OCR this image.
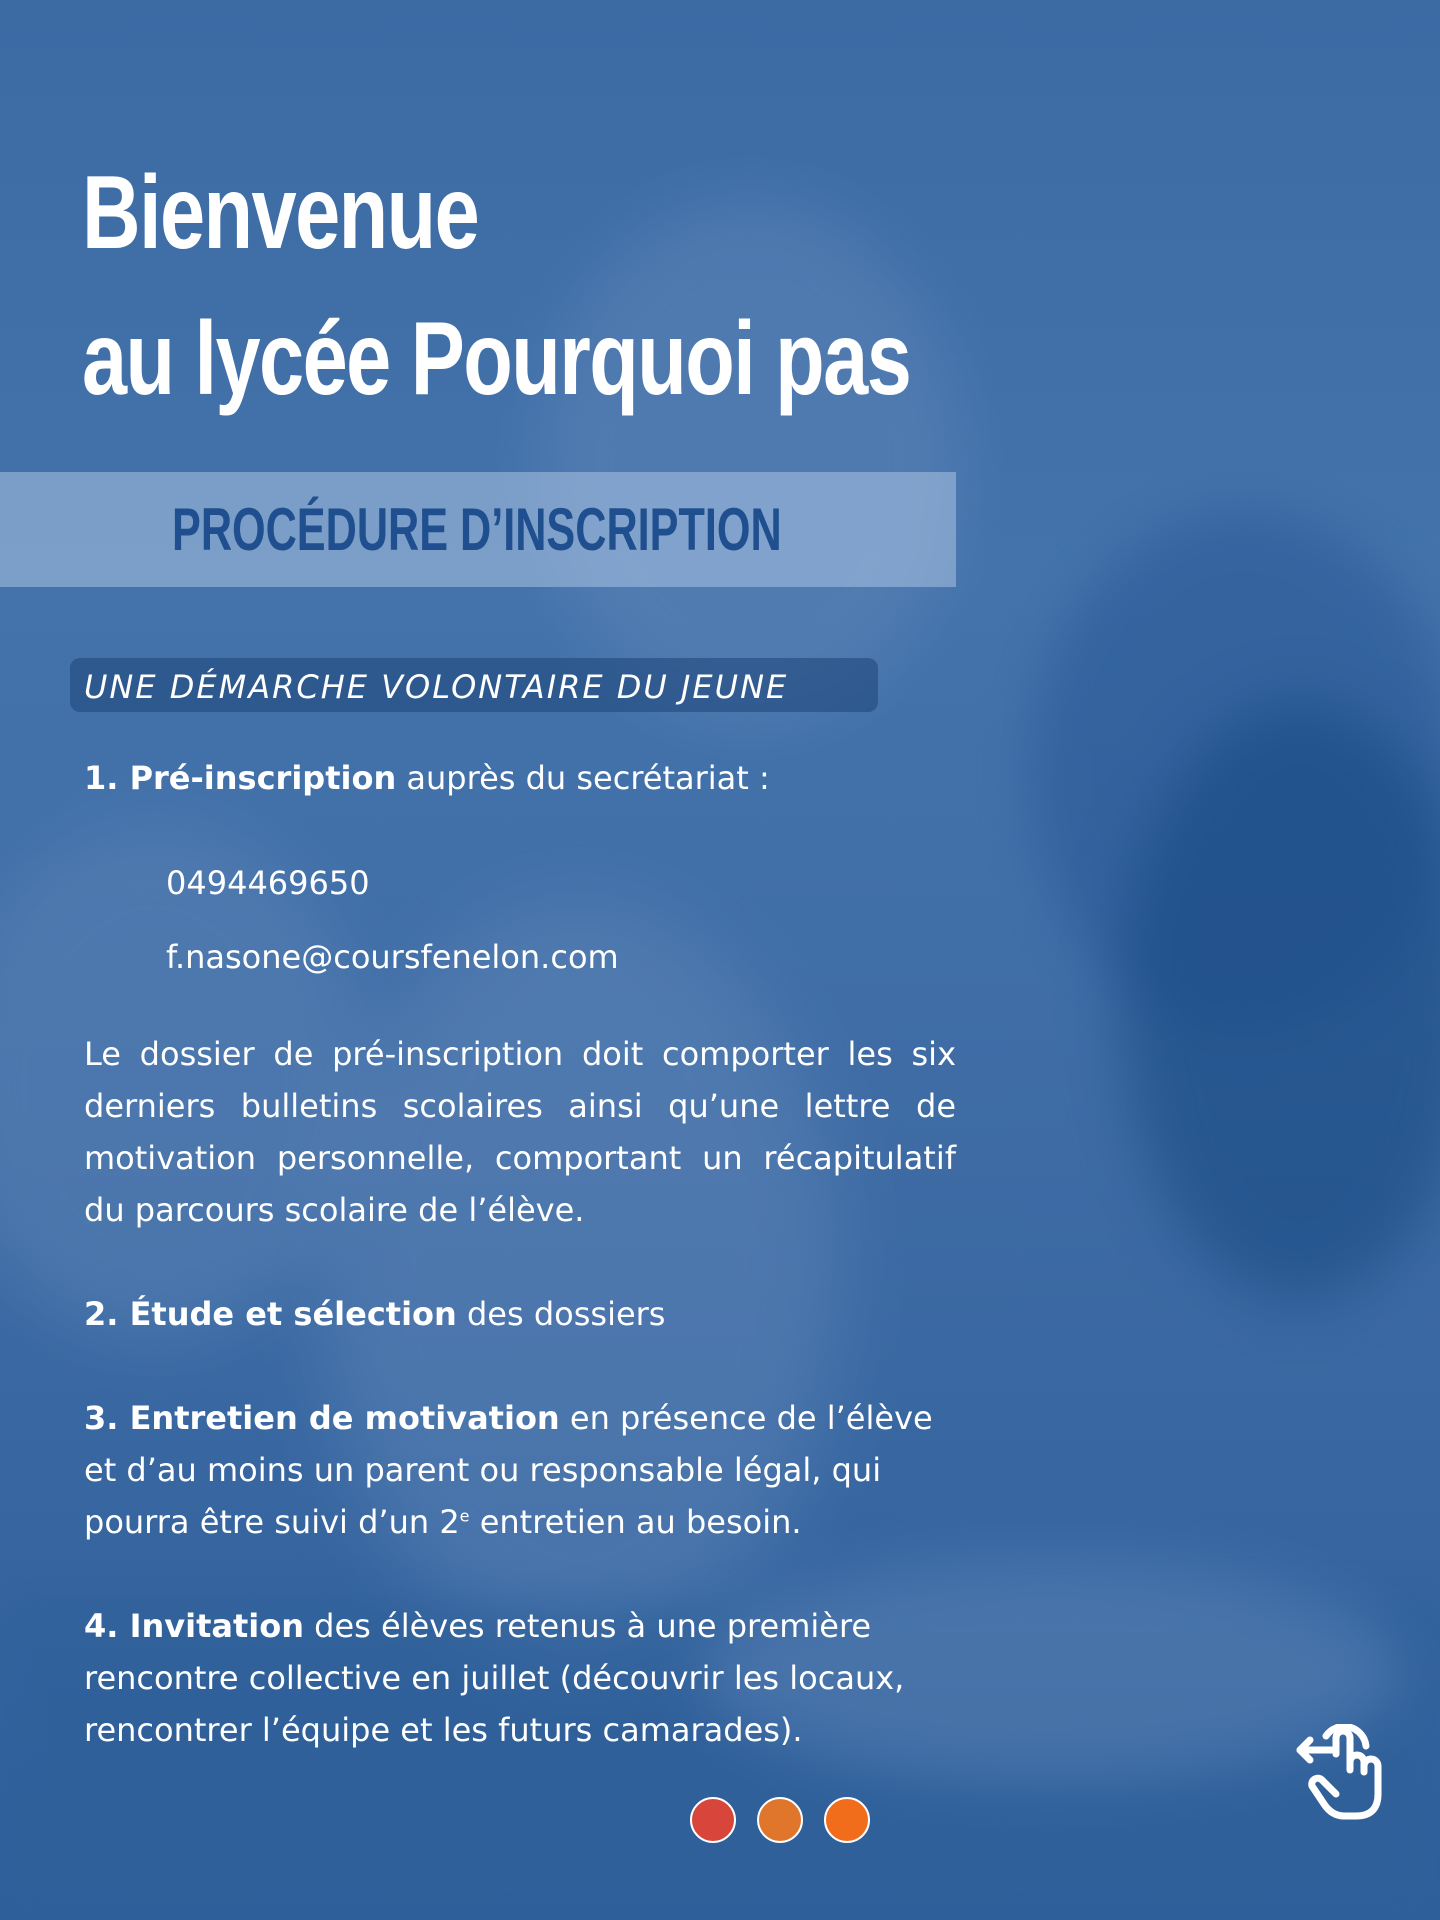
Bienvenue
au lycée Pourquoi pas
PROCÉDURE D’INSCRIPTION
UNE DÉMARCHE VOLONTAIRE DU JEUNE

1. Pré-inscription auprès du secrétariat :

0494469650

f.nasone@coursfenelon.com

Le dossier de pré-inscription doit comporter les six derniers bulletins scolaires ainsi qu’une lettre de motivation personnelle, comportant un récapitulatif du parcours scolaire de l’élève.

2. Étude et sélection des dossiers

3. Entretien de motivation en présence de l’élève et d’au moins un parent ou responsable légal, qui pourra être suivi d’un 2e entretien au besoin.

4. Invitation des élèves retenus à une première rencontre collective en juillet (découvrir les locaux, rencontrer l’équipe et les futurs camarades).
